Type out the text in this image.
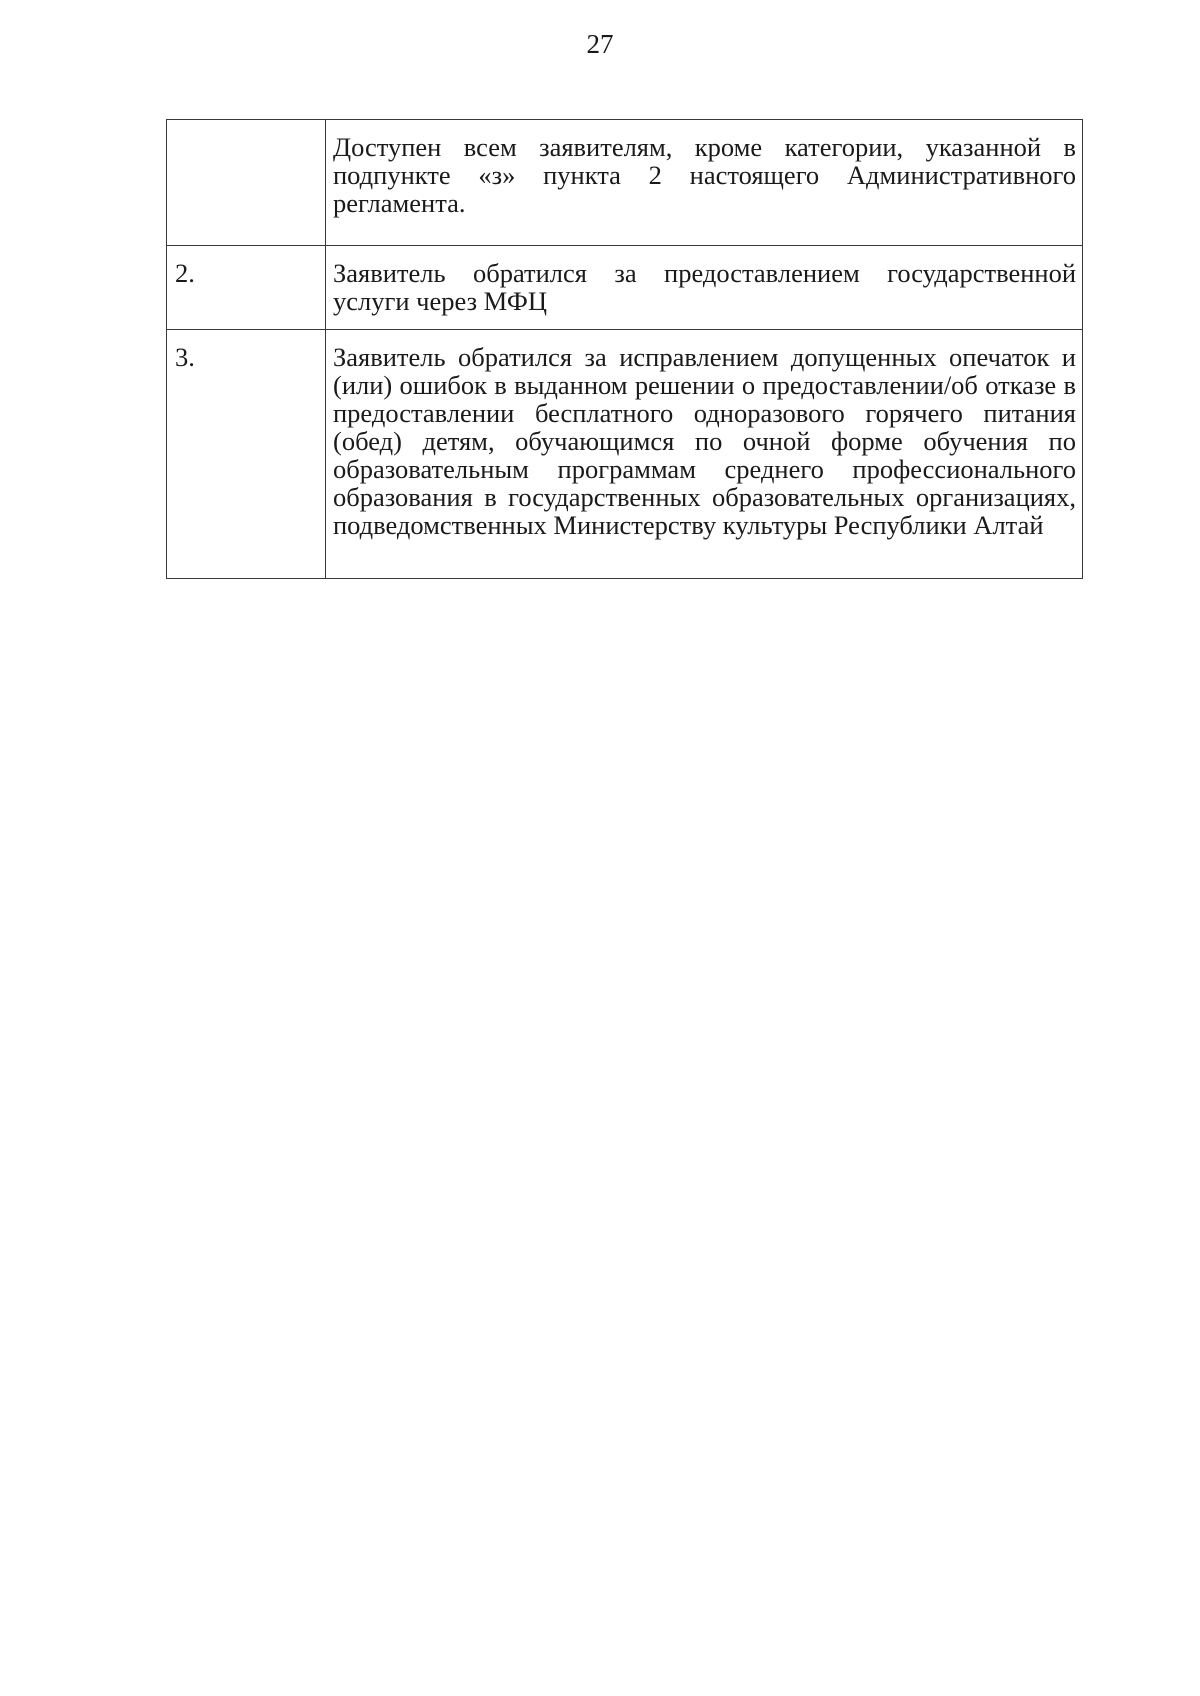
27
	Доступен всем заявителям, кроме категории, указанной в подпункте «з» пункта 2 настоящего Административного регламента.
2.	Заявитель обратился за предоставлением государственной услуги через МФЦ
3.	Заявитель обратился за исправлением допущенных опечаток и (или) ошибок в выданном решении о предоставлении/об отказе в предоставлении бесплатного одноразового горячего питания (обед) детям, обучающимся по очной форме обучения по образовательным программам среднего профессионального образования в государственных образовательных организациях, подведомственных Министерству культуры Республики Алтай
